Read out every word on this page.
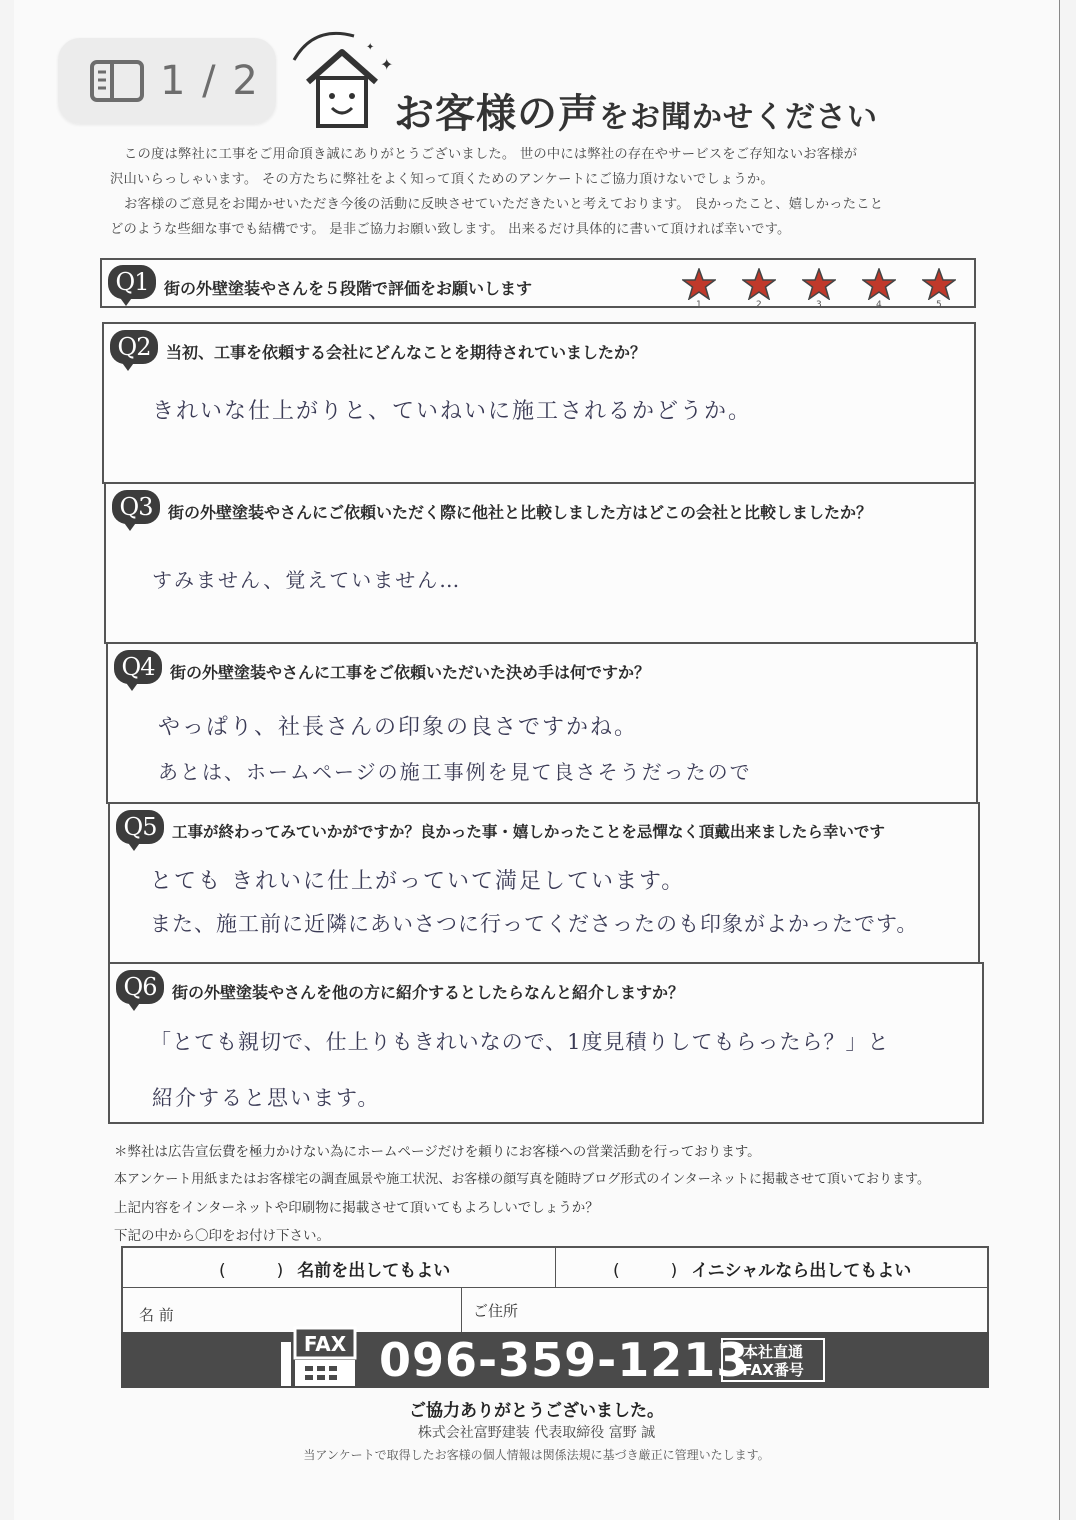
✦
✦
お客様の声をお聞かせください

この度は弊社に工事をご用命頂き誠にありがとうございました。 世の中には弊社の存在やサービスをご存知ないお客様が

沢山いらっしゃいます。 その方たちに弊社をよく知って頂くためのアンケートにご協力頂けないでしょうか。

お客様のご意見をお聞かせいただき今後の活動に反映させていただきたいと考えております。 良かったこと、嬉しかったこと

どのような些細な事でも結構です。 是非ご協力お願い致します。 出来るだけ具体的に書いて頂ければ幸いです。

Q1 街の外壁塗装やさんを５段階で評価をお願いします
1	2	3	4	5
Q2 当初、工事を依頼する会社にどんなことを期待されていましたか？
きれいな仕上がりと、ていねいに施工されるかどうか。
Q3 街の外壁塗装やさんにご依頼いただく際に他社と比較しました方はどこの会社と比較しましたか？
すみません、覚えていません…
Q4 街の外壁塗装やさんに工事をご依頼いただいた決め手は何ですか？
やっぱり、社長さんの印象の良さですかね。
あとは、ホームページの施工事例を見て良さそうだったので
Q5	工事が終わってみていかがですか？良かった事・嬉しかったことを忌憚なく頂戴出来ましたら幸いです
とても きれいに仕上がっていて満足しています。
また、施工前に近隣にあいさつに行ってくださったのも印象がよかったです。
Q6 街の外壁塗装やさんを他の方に紹介するとしたらなんと紹介しますか？
「とても親切で、仕上りもきれいなので、1度見積りしてもらったら？」と
紹介すると思います。

＊弊社は広告宣伝費を極力かけない為にホームページだけを頼りにお客様への営業活動を行っております。

本アンケート用紙またはお客様宅の調査風景や施工状況、お客様の顔写真を随時ブログ形式のインターネットに掲載させて頂いております。

上記内容をインターネットや印刷物に掲載させて頂いてもよろしいでしょうか？

下記の中から〇印をお付け下さい。

(　　　) 名前を出してもよい	(　　　) イニシャルなら出してもよい
名 前	ご住所
FAX 096-359-1213
本社直通
FAX番号
ご協力ありがとうございました。
株式会社富野建装 代表取締役 富野 誠
当アンケートで取得したお客様の個人情報は関係法規に基づき厳正に管理いたします。
1 / 2
